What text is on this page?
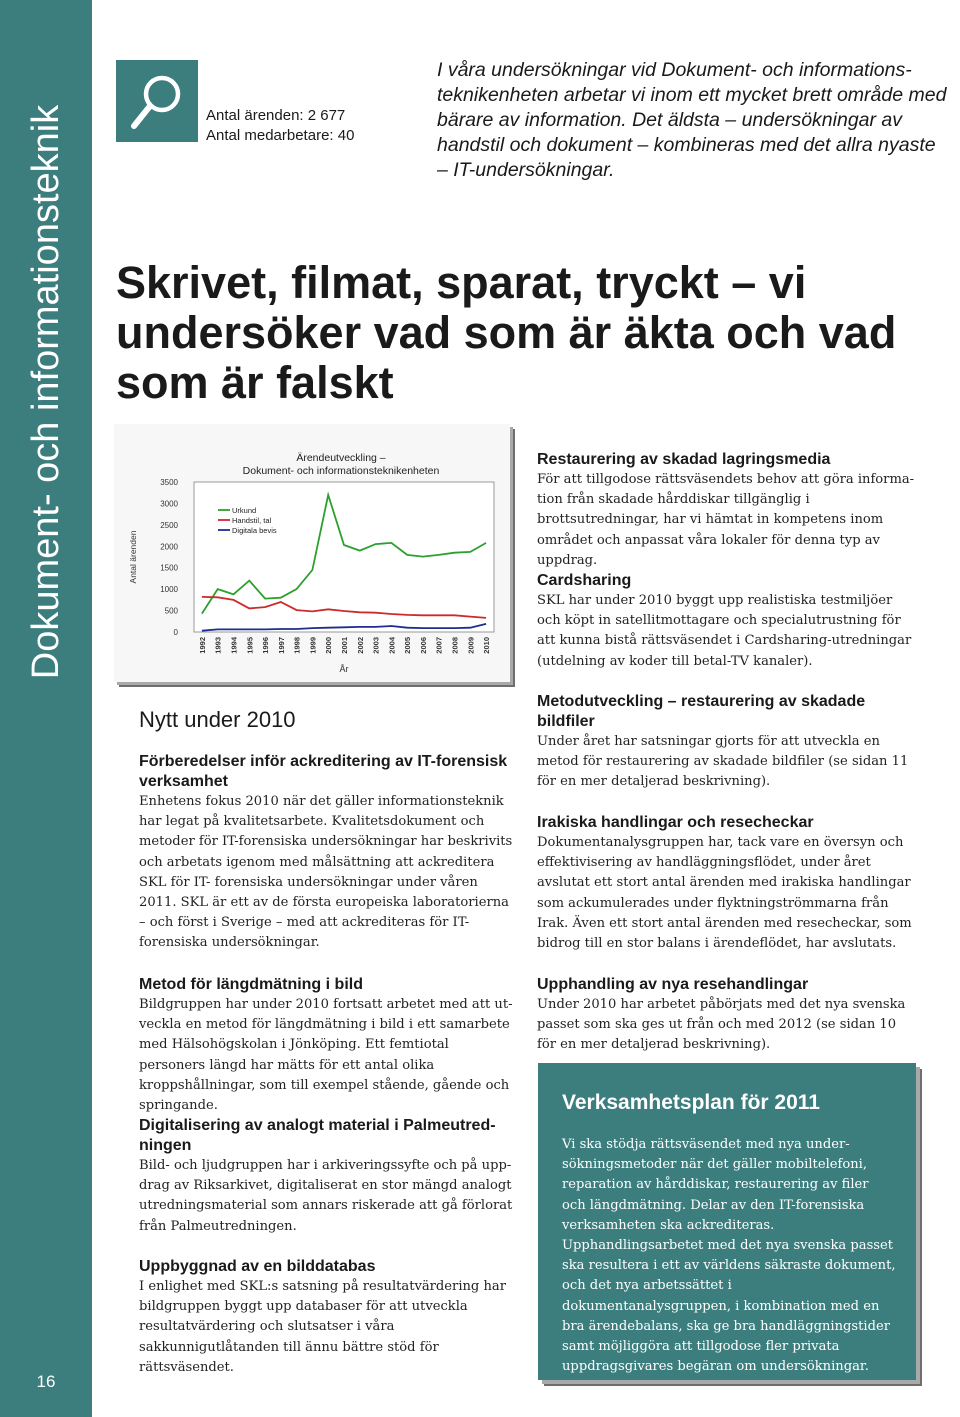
Dokument- och informationsteknik
16
Antal ärenden: 2 677
Antal medarbetare: 40

I våra undersökningar vid Dokument- och informationsteknikenheten arbetar vi inom ett mycket brett område med bärare av information. Det äldsta – undersökningar av handstil och dokument – kombineras med det allra nyaste – IT-undersökningar.

Skrivet, filmat, sparat, tryckt – vi undersöker vad som är äkta och vad som är falskt
Ärendeutveckling –
Dokument- och informationsteknikenheten
0
500
1000
1500
2000
2500
3000
3500
Antal ärenden
1992 1993 1994 1995 1996 1997 1998 1999 2000 2001 2002 2003 2004 2005 2006 2007 2008 2009 2010
År
Urkund
Handstil, tal
Digitala bevis
Nytt under 2010
Förberedelser inför ackreditering av IT-forensisk verksamhet

Enhetens fokus 2010 när det gäller informationsteknik har legat på kvalitetsarbete. Kvalitetsdokument och metoder för IT-forensiska undersökningar har beskrivits och arbetats igenom med målsättning att ackreditera SKL för IT- forensiska undersökningar under våren 2011. SKL är ett av de första europeiska laboratorierna – och först i Sverige – med att ackrediteras för IT-forensiska undersökningar.

Metod för längdmätning i bild

Bildgruppen har under 2010 fortsatt arbetet med att utveckla en metod för längdmätning i bild i ett samarbete med Hälsohögskolan i Jönköping. Ett femtiotal personers längd har mätts för ett antal olika kroppshållningar, som till exempel stående, gående och springande.

Digitalisering av analogt material i Palmeutredningen

Bild- och ljudgruppen har i arkiveringssyfte och på uppdrag av Riksarkivet, digitaliserat en stor mängd analogt utredningsmaterial som annars riskerade att gå förlorat från Palmeutredningen.

Uppbyggnad av en bilddatabas

I enlighet med SKL:s satsning på resultatvärdering har bildgruppen byggt upp databaser för att utveckla resultatvärdering och slutsatser i våra sakkunnigutlåtanden till ännu bättre stöd för rättsväsendet.

Restaurering av skadad lagringsmedia

För att tillgodose rättsväsendets behov att göra information från skadade hårddiskar tillgänglig i brottsutredningar, har vi hämtat in kompetens inom området och anpassat våra lokaler för denna typ av uppdrag.

Cardsharing

SKL har under 2010 byggt upp realistiska testmiljöer och köpt in satellitmottagare och specialutrustning för att kunna bistå rättsväsendet i Cardsharing-utredningar (utdelning av koder till betal-TV kanaler).

Metodutveckling – restaurering av skadade bildfiler

Under året har satsningar gjorts för att utveckla en metod för restaurering av skadade bildfiler (se sidan 11 för en mer detaljerad beskrivning).

Irakiska handlingar och resecheckar

Dokumentanalysgruppen har, tack vare en översyn och effektivisering av handläggningsflödet, under året avslutat ett stort antal ärenden med irakiska handlingar som ackumulerades under flyktningströmmarna från Irak. Även ett stort antal ärenden med resecheckar, som bidrog till en stor balans i ärendeflödet, har avslutats.

Upphandling av nya resehandlingar

Under 2010 har arbetet påbörjats med det nya svenska passet som ska ges ut från och med 2012 (se sidan 10 för en mer detaljerad beskrivning).

Verksamhetsplan för 2011

Vi ska stödja rättsväsendet med nya undersökningsmetoder när det gäller mobiltelefoni, reparation av hårddiskar, restaurering av filer och längdmätning. Delar av den IT-forensiska verksamheten ska ackrediteras. Upphandlingsarbetet med det nya svenska passet ska resultera i ett av världens säkraste dokument, och det nya arbetssättet i dokumentanalysgruppen, i kombination med en bra ärendebalans, ska ge bra handläggningstider samt möjliggöra att tillgodose fler privata uppdragsgivares begäran om undersökningar.
